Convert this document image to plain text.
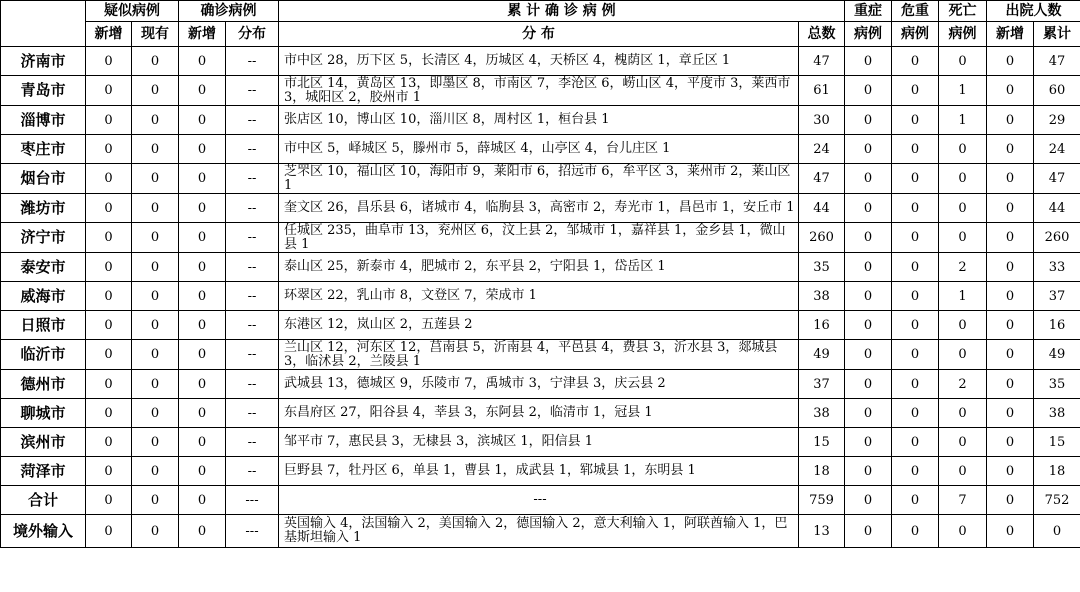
	疑似病例		确诊病例		累 计 确 诊 病 例		重症	危重	死亡	出院人数	
	新增	现有	新增	分布	分 布	总数	病例	病例	病例	新增	累计
济南市	0	0	0	--	市中区 28，历下区 5，长清区 4，历城区 4，天桥区 4，槐荫区 1，章丘区 1	47	0	0	0	0	47
青岛市	0	0	0	--	市北区 14，黄岛区 13，即墨区 8，市南区 7，李沧区 6，崂山区 4，平度市 3，莱西市 3，城阳区 2，胶州市 1	61	0	0	1	0	60
淄博市	0	0	0	--	张店区 10，博山区 10，淄川区 8，周村区 1，桓台县 1	30	0	0	1	0	29
枣庄市	0	0	0	--	市中区 5，峄城区 5，滕州市 5，薛城区 4，山亭区 4，台儿庄区 1	24	0	0	0	0	24
烟台市	0	0	0	--	芝罘区 10，福山区 10，海阳市 9，莱阳市 6，招远市 6，牟平区 3，莱州市 2，莱山区 1	47	0	0	0	0	47
潍坊市	0	0	0	--	奎文区 26，昌乐县 6，诸城市 4，临朐县 3，高密市 2，寿光市 1，昌邑市 1，安丘市 1	44	0	0	0	0	44
济宁市	0	0	0	--	任城区 235，曲阜市 13，兖州区 6，汶上县 2，邹城市 1，嘉祥县 1，金乡县 1，微山县 1	260	0	0	0	0	260
泰安市	0	0	0	--	泰山区 25，新泰市 4，肥城市 2，东平县 2，宁阳县 1，岱岳区 1	35	0	0	2	0	33
威海市	0	0	0	--	环翠区 22，乳山市 8，文登区 7，荣成市 1	38	0	0	1	0	37
日照市	0	0	0	--	东港区 12，岚山区 2，五莲县 2	16	0	0	0	0	16
临沂市	0	0	0	--	兰山区 12，河东区 12，莒南县 5，沂南县 4，平邑县 4，费县 3，沂水县 3，郯城县 3，临沭县 2，兰陵县 1	49	0	0	0	0	49
德州市	0	0	0	--	武城县 13，德城区 9，乐陵市 7，禹城市 3，宁津县 3，庆云县 2	37	0	0	2	0	35
聊城市	0	0	0	--	东昌府区 27，阳谷县 4，莘县 3，东阿县 2，临清市 1，冠县 1	38	0	0	0	0	38
滨州市	0	0	0	--	邹平市 7，惠民县 3，无棣县 3，滨城区 1，阳信县 1	15	0	0	0	0	15
菏泽市	0	0	0	--	巨野县 7，牡丹区 6，单县 1，曹县 1，成武县 1，郓城县 1，东明县 1	18	0	0	0	0	18
合计	0	0	0	---	---	759	0	0	7	0	752
境外输入	0	0	0	---	英国输入 4，法国输入 2，美国输入 2，德国输入 2，意大利输入 1，阿联酋输入 1，巴基斯坦输入 1	13	0	0	0	0	0
